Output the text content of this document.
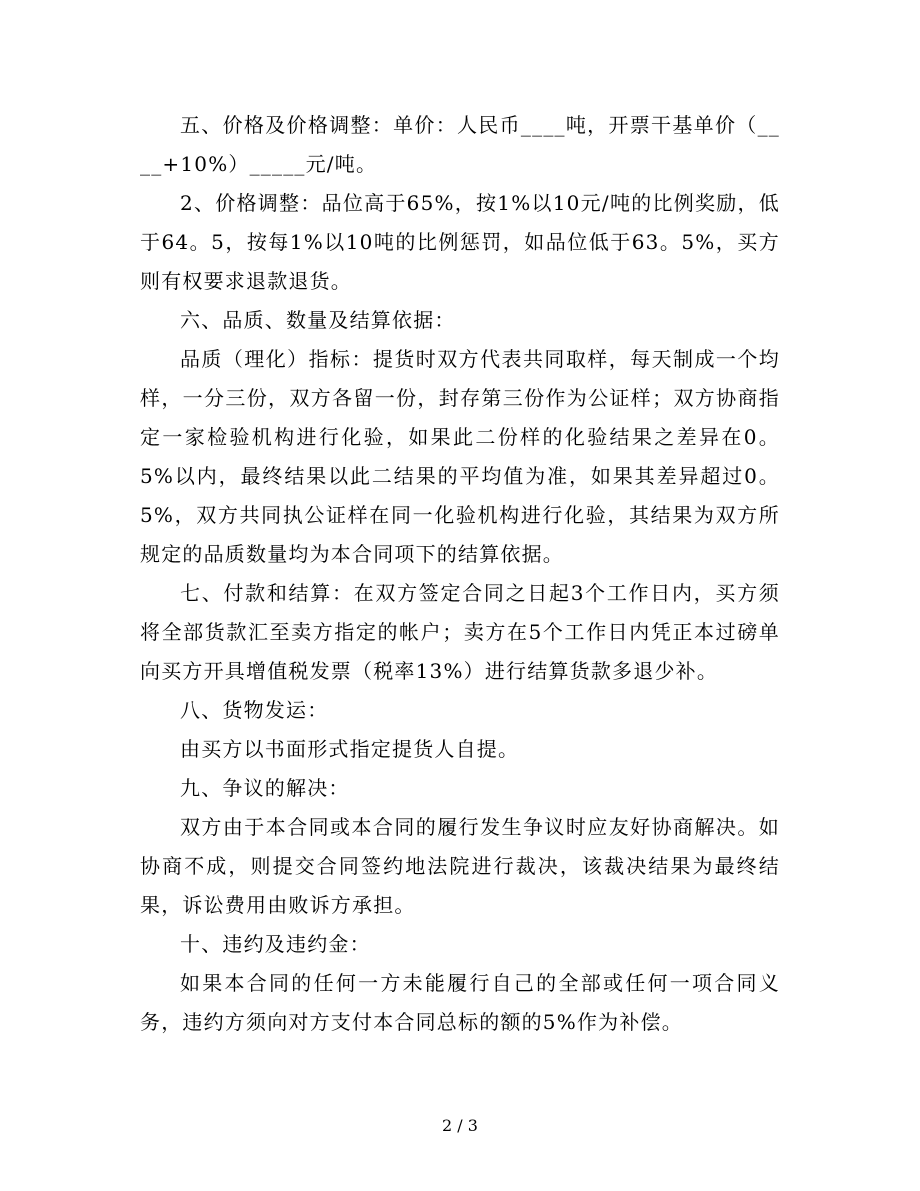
五、价格及价格调整：单价：人民币____吨，开票干基单价（____+10%）_____元/吨。

2、价格调整：品位高于65%，按1%以10元/吨的比例奖励，低于64。5，按每1%以10吨的比例惩罚，如品位低于63。5%，买方则有权要求退款退货。

六、品质、数量及结算依据：

品质（理化）指标：提货时双方代表共同取样，每天制成一个均样，一分三份，双方各留一份，封存第三份作为公证样；双方协商指定一家检验机构进行化验，如果此二份样的化验结果之差异在0。5%以内，最终结果以此二结果的平均值为准，如果其差异超过0。5%，双方共同执公证样在同一化验机构进行化验，其结果为双方所规定的品质数量均为本合同项下的结算依据。

七、付款和结算：在双方签定合同之日起3个工作日内，买方须将全部货款汇至卖方指定的帐户；卖方在5个工作日内凭正本过磅单向买方开具增值税发票（税率13%）进行结算货款多退少补。

八、货物发运：

由买方以书面形式指定提货人自提。

九、争议的解决：

双方由于本合同或本合同的履行发生争议时应友好协商解决。如协商不成，则提交合同签约地法院进行裁决，该裁决结果为最终结果，诉讼费用由败诉方承担。

十、违约及违约金：

如果本合同的任何一方未能履行自己的全部或任何一项合同义务，违约方须向对方支付本合同总标的额的5%作为补偿。

2 / 3
